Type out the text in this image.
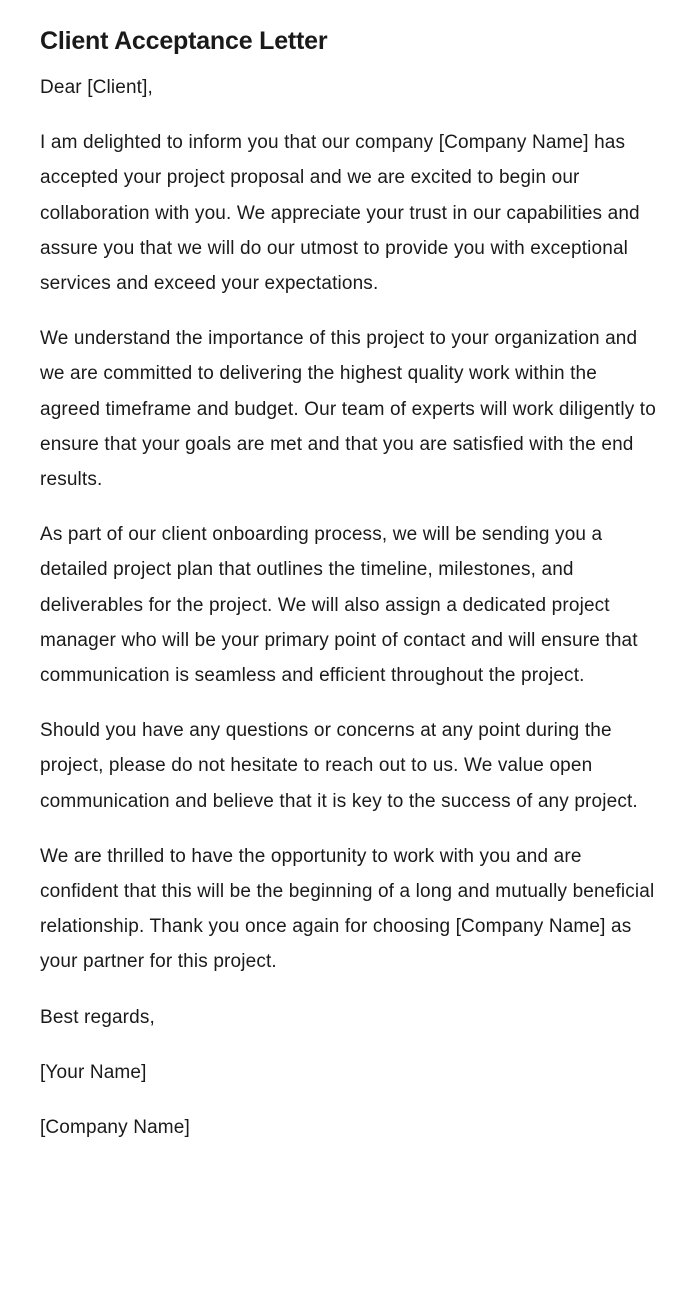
Client Acceptance Letter

Dear [Client],

I am delighted to inform you that our company [Company Name] has accepted your project proposal and we are excited to begin our collaboration with you. We appreciate your trust in our capabilities and assure you that we will do our utmost to provide you with exceptional services and exceed your expectations.

We understand the importance of this project to your organization and we are committed to delivering the highest quality work within the agreed timeframe and budget. Our team of experts will work diligently to ensure that your goals are met and that you are satisfied with the end results.

As part of our client onboarding process, we will be sending you a detailed project plan that outlines the timeline, milestones, and deliverables for the project. We will also assign a dedicated project manager who will be your primary point of contact and will ensure that communication is seamless and efficient throughout the project.

Should you have any questions or concerns at any point during the project, please do not hesitate to reach out to us. We value open communication and believe that it is key to the success of any project.

We are thrilled to have the opportunity to work with you and are confident that this will be the beginning of a long and mutually beneficial relationship. Thank you once again for choosing [Company Name] as your partner for this project.

Best regards,

[Your Name]

[Company Name]
